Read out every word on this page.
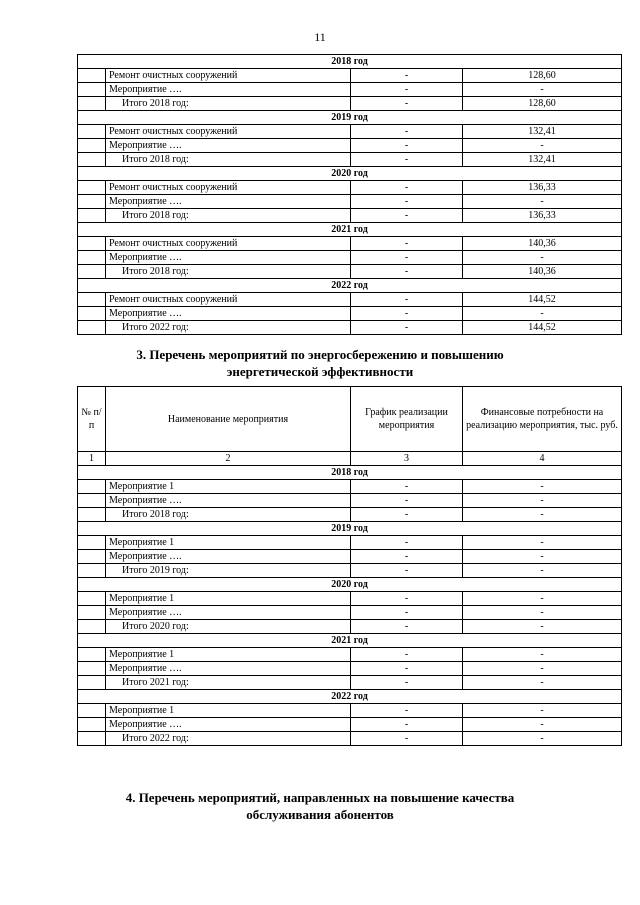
11
2018 год			
	Ремонт очистных сооружений	-	128,60
	Мероприятие ….	-	-
	Итого 2018 год:	-	128,60
2019 год			
	Ремонт очистных сооружений	-	132,41
	Мероприятие ….	-	-
	Итого 2018 год:	-	132,41
2020 год			
	Ремонт очистных сооружений	-	136,33
	Мероприятие ….	-	-
	Итого 2018 год:	-	136,33
2021 год			
	Ремонт очистных сооружений	-	140,36
	Мероприятие ….	-	-
	Итого 2018 год:	-	140,36
2022 год			
	Ремонт очистных сооружений	-	144,52
	Мероприятие ….	-	-
	Итого 2022 год:	-	144,52
3. Перечень мероприятий по энергосбережению и повышению энергетической эффективности
№ п/п	Наименование мероприятия	График реализации мероприятия	Финансовые потребности на реализацию мероприятия, тыс. руб.
1	2	3	4
2018 год			
	Мероприятие 1	-	-
	Мероприятие ….	-	-
	Итого 2018 год:	-	-
2019 год			
	Мероприятие 1	-	-
	Мероприятие ….	-	-
	Итого 2019 год:	-	-
2020 год			
	Мероприятие 1	-	-
	Мероприятие ….	-	-
	Итого 2020 год:	-	-
2021 год			
	Мероприятие 1	-	-
	Мероприятие ….	-	-
	Итого 2021 год:	-	-
2022 год			
	Мероприятие 1	-	-
	Мероприятие ….	-	-
	Итого 2022 год:	-	-
4. Перечень мероприятий, направленных на повышение качества обслуживания абонентов
